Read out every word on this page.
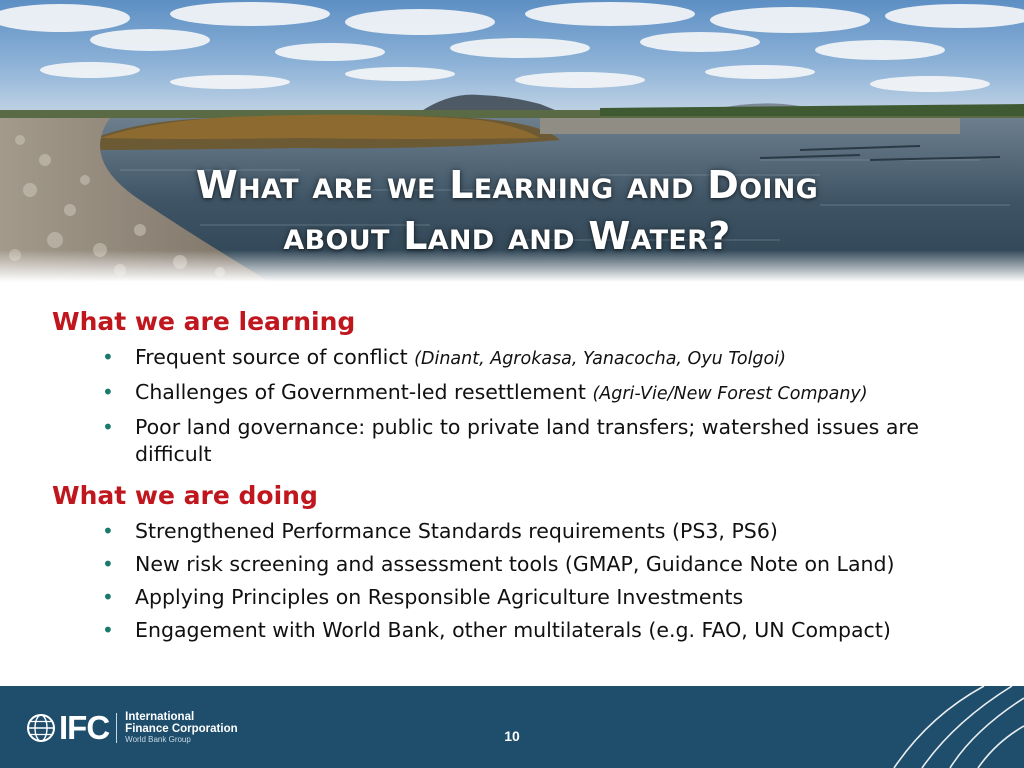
What are we Learning and Doing
about Land and Water?
What we are learning
• Frequent source of conflict (Dinant, Agrokasa, Yanacocha, Oyu Tolgoi)
• Challenges of Government-led resettlement (Agri-Vie/New Forest Company)
• Poor land governance: public to private land transfers; watershed issues are difficult
What we are doing
• Strengthened Performance Standards requirements (PS3, PS6)
• New risk screening and assessment tools (GMAP, Guidance Note on Land)
• Applying Principles on Responsible Agriculture Investments
• Engagement with World Bank, other multilaterals (e.g. FAO, UN Compact)
IFC International
Finance Corporation
World Bank Group	10
